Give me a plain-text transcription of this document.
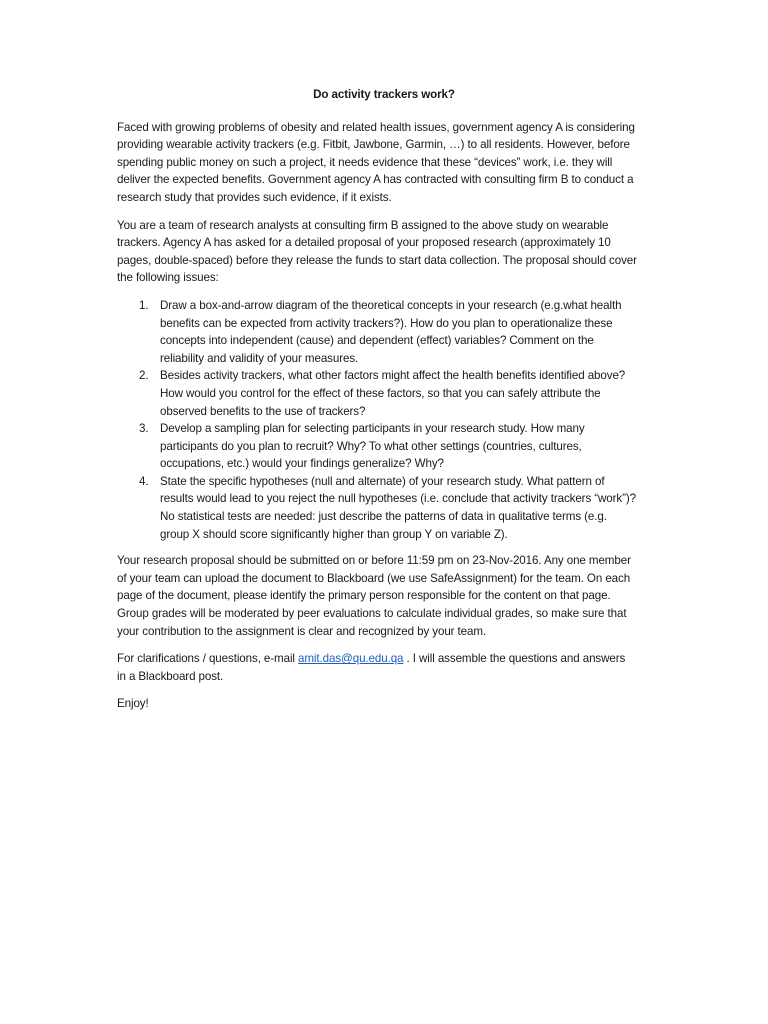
Do activity trackers work?

Faced with growing problems of obesity and related health issues, government agency A is considering providing wearable activity trackers (e.g. Fitbit, Jawbone, Garmin, …) to all residents. However, before spending public money on such a project, it needs evidence that these “devices” work, i.e. they will deliver the expected benefits. Government agency A has contracted with consulting firm B to conduct a research study that provides such evidence, if it exists.

You are a team of research analysts at consulting firm B assigned to the above study on wearable trackers. Agency A has asked for a detailed proposal of your proposed research (approximately 10 pages, double-spaced) before they release the funds to start data collection. The proposal should cover the following issues:

1. Draw a box-and-arrow diagram of the theoretical concepts in your research (e.g.what health benefits can be expected from activity trackers?). How do you plan to operationalize these concepts into independent (cause) and dependent (effect) variables? Comment on the reliability and validity of your measures.
2. Besides activity trackers, what other factors might affect the health benefits identified above? How would you control for the effect of these factors, so that you can safely attribute the observed benefits to the use of trackers?
3. Develop a sampling plan for selecting participants in your research study. How many participants do you plan to recruit? Why? To what other settings (countries, cultures, occupations, etc.) would your findings generalize? Why?
4. State the specific hypotheses (null and alternate) of your research study. What pattern of results would lead to you reject the null hypotheses (i.e. conclude that activity trackers “work”)? No statistical tests are needed: just describe the patterns of data in qualitative terms (e.g. group X should score significantly higher than group Y on variable Z).

Your research proposal should be submitted on or before 11:59 pm on 23-Nov-2016. Any one member of your team can upload the document to Blackboard (we use SafeAssignment) for the team. On each page of the document, please identify the primary person responsible for the content on that page. Group grades will be moderated by peer evaluations to calculate individual grades, so make sure that your contribution to the assignment is clear and recognized by your team.

For clarifications / questions, e-mail amit.das@qu.edu.qa . I will assemble the questions and answers in a Blackboard post.

Enjoy!
